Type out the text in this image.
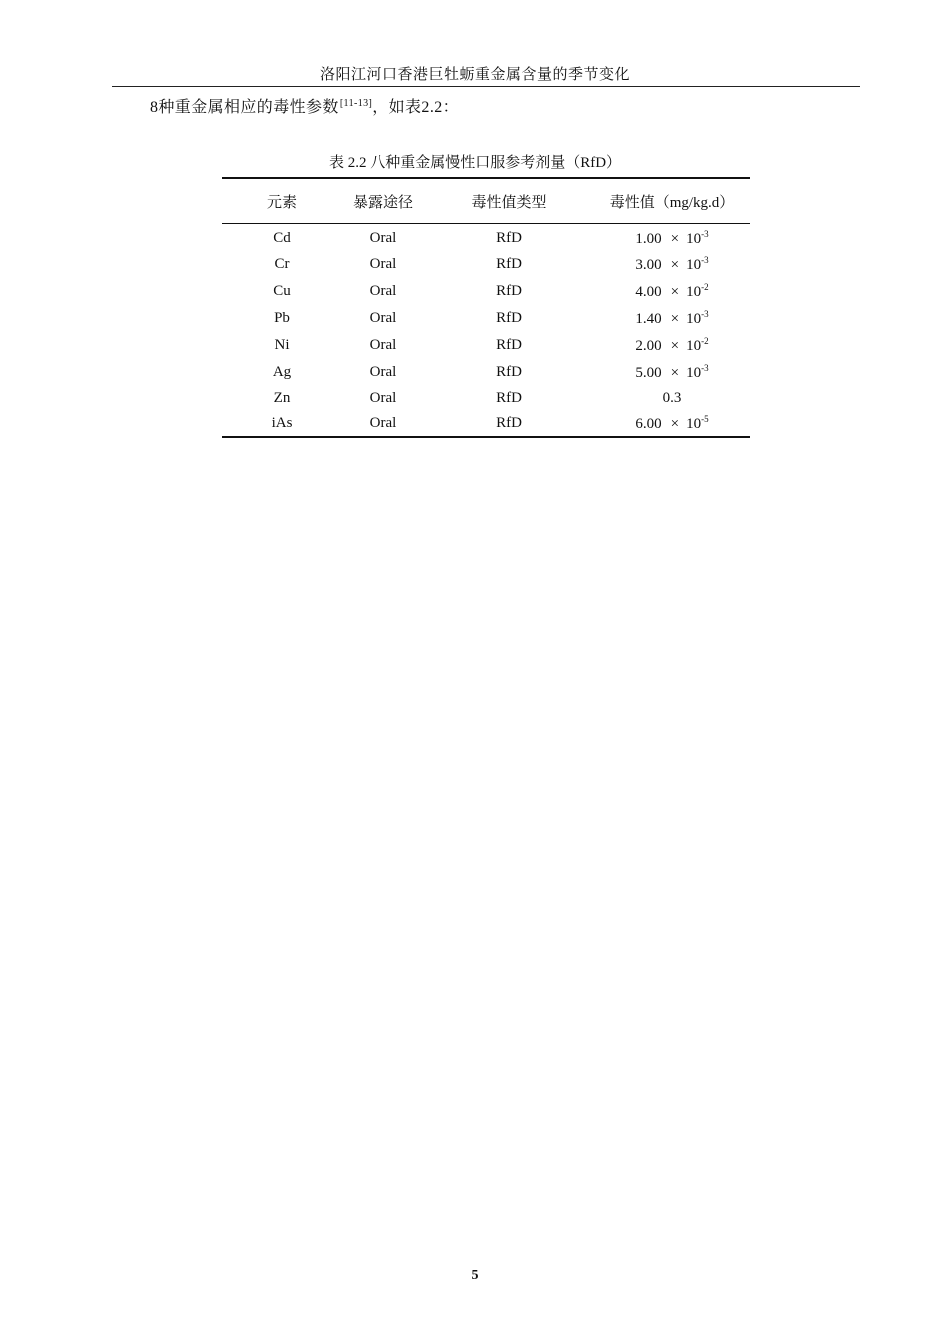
洛阳江河口香港巨牡蛎重金属含量的季节变化
8种重金属相应的毒性参数[11-13]，如表2.2：
表 2.2 八种重金属慢性口服参考剂量（RfD）
元素	暴露途径	毒性值类型	毒性值（mg/kg.d）
Cd	Oral	RfD	$1.00 \times 10^{-3}$
Cr	Oral	RfD	$3.00 \times 10^{-3}$
Cu	Oral	RfD	$4.00 \times 10^{-2}$
Pb	Oral	RfD	$1.40 \times 10^{-3}$
Ni	Oral	RfD	$2.00 \times 10^{-2}$
Ag	Oral	RfD	$5.00 \times 10^{-3}$
Zn	Oral	RfD	0.3
iAs	Oral	RfD	$6.00 \times 10^{-5}$
5
